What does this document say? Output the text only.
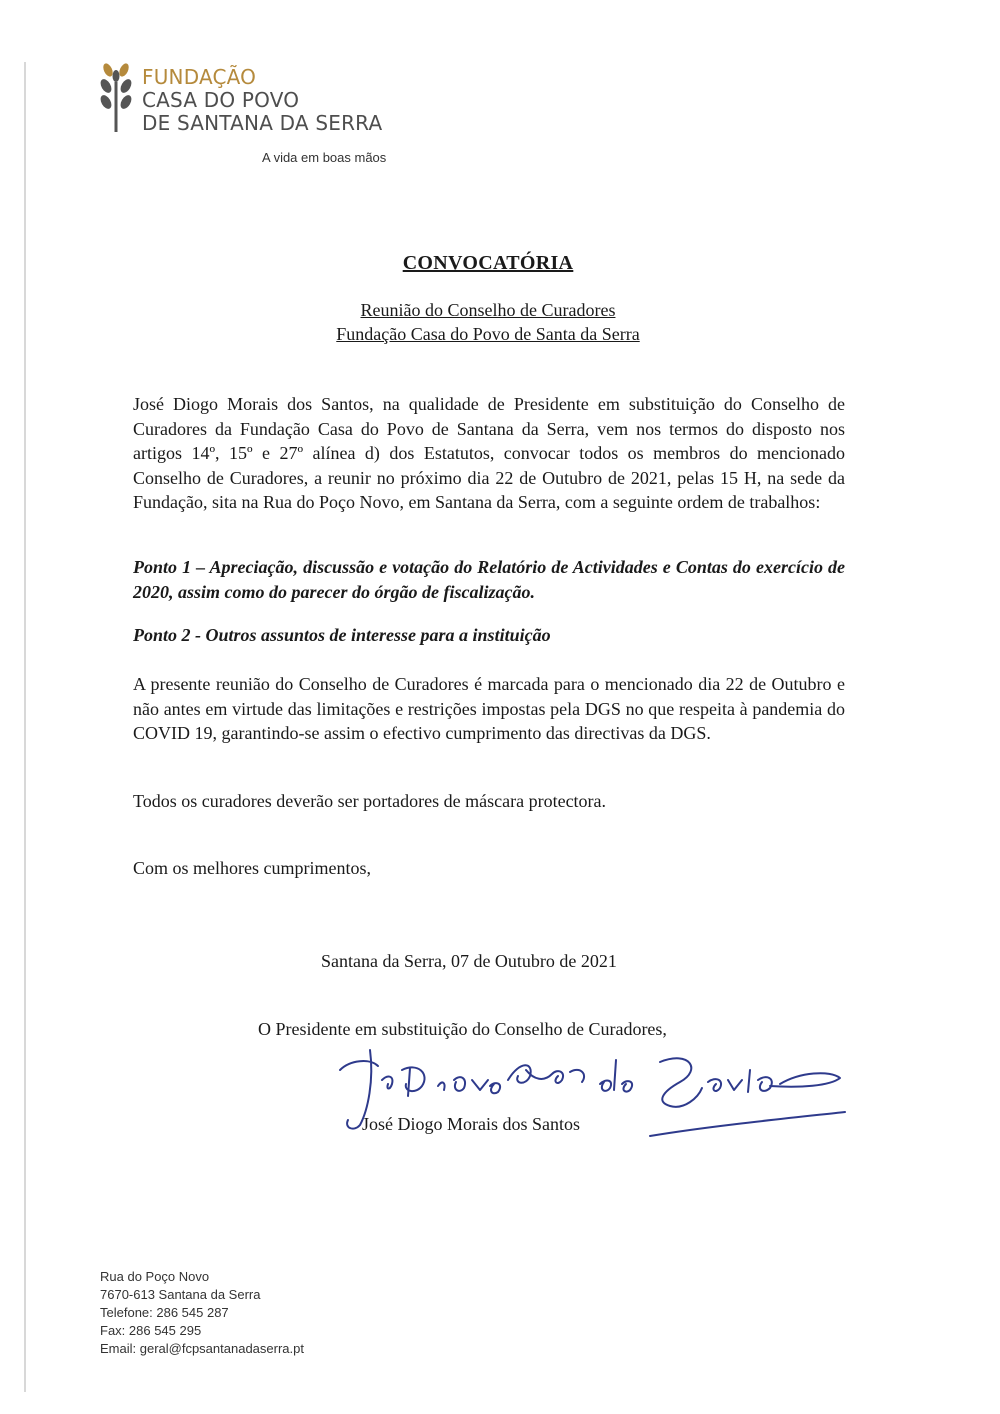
FUNDAÇÃO
CASA DO POVO
DE SANTANA DA SERRA
A vida em boas mãos
CONVOCATÓRIA
Reunião do Conselho de Curadores
Fundação Casa do Povo de Santa da Serra
José Diogo Morais dos Santos, na qualidade de Presidente em substituição do Conselho de Curadores da Fundação Casa do Povo de Santana da Serra, vem nos termos do disposto nos artigos 14º, 15º e 27º alínea d) dos Estatutos, convocar todos os membros do mencionado Conselho de Curadores, a reunir no próximo dia 22 de Outubro de 2021, pelas 15 H, na sede da Fundação, sita na Rua do Poço Novo, em Santana da Serra, com a seguinte ordem de trabalhos:
Ponto 1 – Apreciação, discussão e votação do Relatório de Actividades e Contas do exercício de 2020, assim como do parecer do órgão de fiscalização.
Ponto 2 - Outros assuntos de interesse para a instituição
A presente reunião do Conselho de Curadores é marcada para o mencionado dia 22 de Outubro e não antes em virtude das limitações e restrições impostas pela DGS no que respeita à pandemia do COVID 19, garantindo-se assim o efectivo cumprimento das directivas da DGS.
Todos os curadores deverão ser portadores de máscara protectora.
Com os melhores cumprimentos,
Santana da Serra, 07 de Outubro de 2021
O Presidente em substituição do Conselho de Curadores,
José Diogo Morais dos Santos
Rua do Poço Novo
7670-613 Santana da Serra
Telefone: 286 545 287
Fax: 286 545 295
Email: geral@fcpsantanadaserra.pt
